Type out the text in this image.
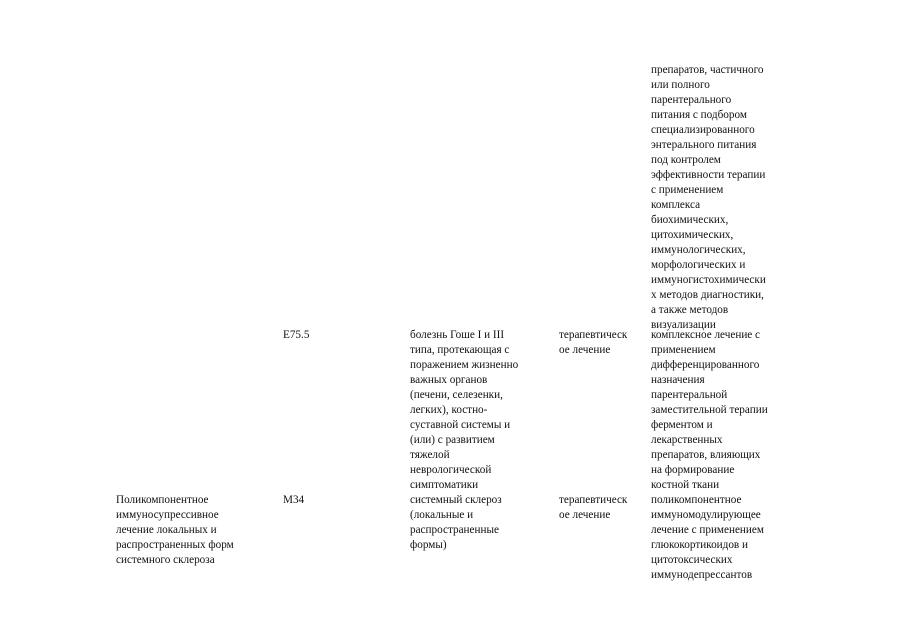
препаратов, частичного
или полного
парентерального
питания с подбором
специализированного
энтерального питания
под контролем
эффективности терапии
с применением
комплекса
биохимических,
цитохимических,
иммунологических,
морфологических и
иммуногистохимически
х методов диагностики,
а также методов
визуализации

E75.5	болезнь Гоше I и III
типа, протекающая с
поражением жизненно
важных органов
(печени, селезенки,
легких), костно-
суставной системы и
(или) с развитием
тяжелой
неврологической
симптоматики

терапевтическ
ое лечение

комплексное лечение с
применением
дифференцированного
назначения
парентеральной
заместительной терапии
ферментом и
лекарственных
препаратов, влияющих
на формирование
костной ткани

Поликомпонентное
иммуносупрессивное
лечение локальных и
распространенных форм
системного склероза

M34	системный склероз
(локальные и
распространенные
формы)

терапевтическ
ое лечение

поликомпонентное
иммуномодулирующее
лечение с применением
глюкокортикоидов и
цитотоксических
иммунодепрессантов
